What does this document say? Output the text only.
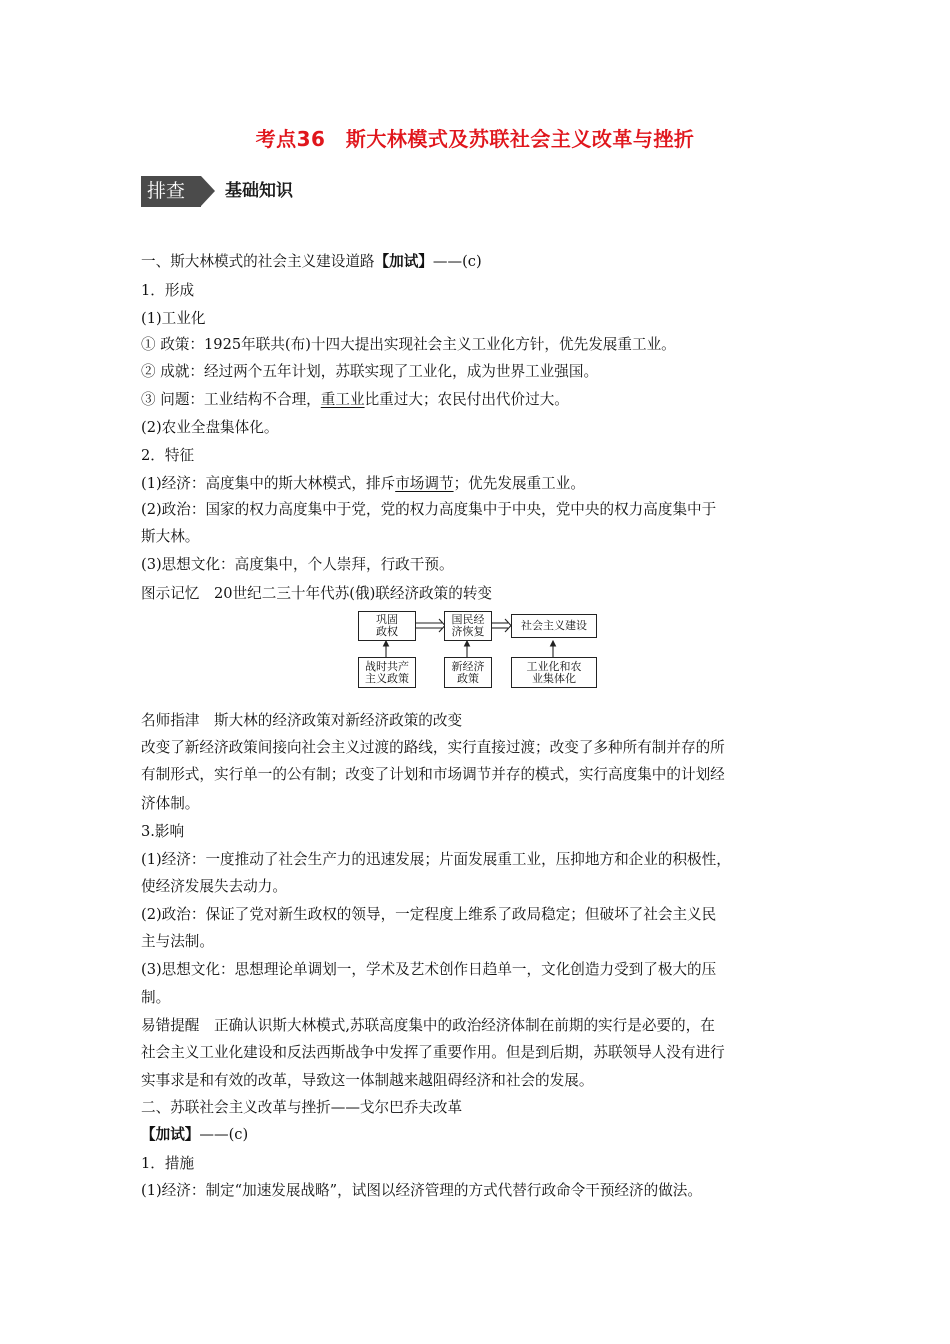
考点36　斯大林模式及苏联社会主义改革与挫折
排查	基础知识
一、斯大林模式的社会主义建设道路【加试】——(c)
1．形成
(1)工业化
① 政策：1925年联共(布)十四大提出实现社会主义工业化方针，优先发展重工业。
② 成就：经过两个五年计划，苏联实现了工业化，成为世界工业强国。
③ 问题：工业结构不合理，重工业比重过大；农民付出代价过大。
(2)农业全盘集体化。
2．特征
(1)经济：高度集中的斯大林模式，排斥市场调节；优先发展重工业。
(2)政治：国家的权力高度集中于党，党的权力高度集中于中央，党中央的权力高度集中于
斯大林。
(3)思想文化：高度集中，个人崇拜，行政干预。
图示记忆　20世纪二三十年代苏(俄)联经济政策的转变
名师指津　斯大林的经济政策对新经济政策的改变
改变了新经济政策间接向社会主义过渡的路线，实行直接过渡；改变了多种所有制并存的所
有制形式，实行单一的公有制；改变了计划和市场调节并存的模式，实行高度集中的计划经
济体制。
3.影响
(1)经济：一度推动了社会生产力的迅速发展；片面发展重工业，压抑地方和企业的积极性，
使经济发展失去动力。
(2)政治：保证了党对新生政权的领导，一定程度上维系了政局稳定；但破坏了社会主义民
主与法制。
(3)思想文化：思想理论单调划一，学术及艺术创作日趋单一，文化创造力受到了极大的压
制。
易错提醒　正确认识斯大林模式,苏联高度集中的政治经济体制在前期的实行是必要的，在
社会主义工业化建设和反法西斯战争中发挥了重要作用。但是到后期，苏联领导人没有进行
实事求是和有效的改革，导致这一体制越来越阻碍经济和社会的发展。
二、苏联社会主义改革与挫折——戈尔巴乔夫改革
【加试】——(c)
1．措施
(1)经济：制定“加速发展战略”，试图以经济管理的方式代替行政命令干预经济的做法。
巩固
政权
国民经
济恢复	社会主义建设
战时共产
主义政策
新经济
政策
工业化和农
业集体化
